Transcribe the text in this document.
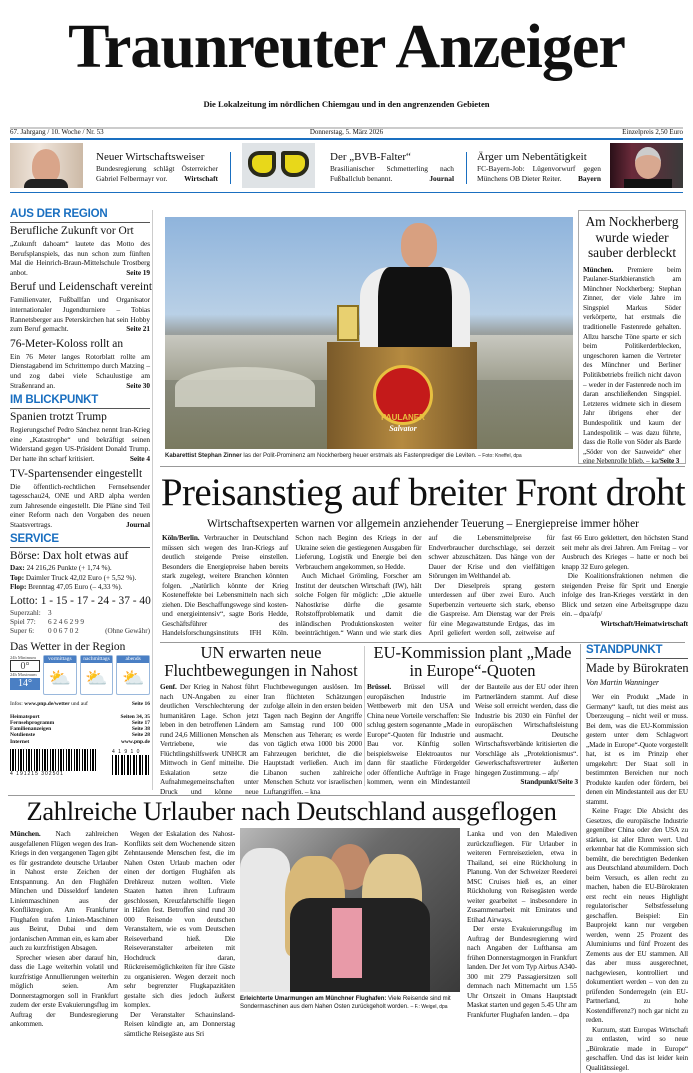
Traunreuter Anzeiger
Die Lokalzeitung im nördlichen Chiemgau und in den angrenzenden Gebieten
67. Jahrgang / 10. Woche / Nr. 53	Donnerstag, 5. März 2026	Einzelpreis 2,50 Euro
Neuer Wirtschaftsweiser
Bundesregierung schlägt Österreicher Gabriel Felbermayr vor. Wirtschaft
Der „BVB-Falter“
Brasilianischer Schmetterling nach Fußballclub benannt.	Journal
Ärger um Nebentätigkeit
FC-Bayern-Job: Lügenvorwurf gegen Münchens OB Dieter Reiter. Bayern
AUS DER REGION
Berufliche Zukunft vor Ort
„Zukunft dahoam“ lautete das Motto des Berufsplanspiels, das nun schon zum fünften Mal die Heinrich-Braun-Mittelschule Trostberg anbot.	Seite 19
Beruf und Leidenschaft vereint
Familienvater, Fußballfan und Organisator internationaler Jugendturniere – Tobias Rannetsberger aus Peterskirchen hat sein Hobby zum Beruf gemacht.	Seite 21
76-Meter-Koloss rollt an
Ein 76 Meter langes Rotorblatt rollte am Dienstagabend im Schrittempo durch Matzing – und zog dabei viele Schaulustige am Straßenrand an.	Seite 30
IM BLICKPUNKT
Spanien trotzt Trump
Regierungschef Pedro Sánchez nennt Iran-Krieg eine „Katastrophe“ und bekräftigt seinen Widerstand gegen US-Präsident Donald Trump. Der hatte ihn scharf kritisiert.	Seite 4
TV-Spartensender eingestellt
Die öffentlich-rechtlichen Fernsehsender tagesschau24, ONE und ARD alpha werden zum Jahresende eingestellt. Die Pläne sind Teil einer Reform nach den Vorgaben des neuen Staatsvertrags.	Journal
SERVICE
Börse: Dax holt etwas auf
Dax: 24 216,26 Punkte (+ 1,74 %).
Top: Daimler Truck 42,02 Euro (+ 5,52 %).
Flop: Brenntag 47,05 Euro (– 4,33 %).
Lotto: 1 - 15 - 17 - 24 - 37 - 40
Superzahl: 3
Spiel 77: 6 2 4 6 2 9 9
Super 6: 0 0 6 7 0 2	(Ohne Gewähr)
Das Wetter in der Region
24h Minimum
0°
24h Maximum
14°
vormittags
⛅
nachmittags
⛅
abends
⛅
Infos: www.pnp.de/wetter und auf	Seite 16
Heimatsport	Seiten 34, 35
Fernsehprogramm	Seite 17
Familienanzeigen	Seite 38
Notdienste	Seite 28
Internet	www.pnp.de
4 191215 302501
4 1 9 1 0
PAULANER
Salvator
Kabarettist Stephan Zinner las der Polit-Prominenz am Nockherberg heuer erstmals als Fastenprediger die Leviten. – Foto: Kneffel, dpa
Am Nockherberg wurde wieder sauber derbleckt
München. Premiere beim Paulaner-Starkbieranstich am Münchner Nockherberg: Stephan Zinner, der viele Jahre im Singspiel Markus Söder verkörperte, hat erstmals die traditionelle Fastenrede gehalten. Allzu harsche Töne sparte er sich beim Politikerderblecken, ungeschoren kamen die Vertreter des Münchner und Berliner Politikbetriebs freilich nicht davon – weder in der Fastenrede noch im daran anschließenden Singspiel. Letzteres widmete sich in diesem Jahr übrigens eher der Bundespolitik und kaum der Landespolitik – was dazu führte, dass die Rolle von Söder als Barde „Söder von der Sauweide“ eher eine Nebenrolle blieb. – ka/Seite 3
Preisanstieg auf breiter Front droht
Wirtschaftsexperten warnen vor allgemein anziehender Teuerung – Energiepreise immer höher

Köln/Berlin. Verbraucher in Deutschland müssen sich wegen des Iran-Kriegs auf deutlich steigende Preise einstellen. Besonders die Energiepreise haben bereits stark zugelegt, weitere Branchen könnten folgen. „Natürlich könnte der Krieg Kosteneffekte bei Lebensmitteln nach sich ziehen. Die Beschaffungswege sind kosten- und energieintensiv“, sagte Boris Hedde, Geschäftsführer des Handelsforschungsinstituts IFH Köln. Schon nach Beginn des Kriegs in der Ukraine seien die gestiegenen Ausgaben für Lieferung, Logistik und Energie bei den Verbrauchern angekommen, so Hedde.

Auch Michael Grömling, Forscher am Institut der deutschen Wirtschaft (IW), hält solche Folgen für möglich: „Die aktuelle Nahostkrise dürfte die gesamte Rohstoffproblematik und damit die inländischen Produktionskosten weiter beeinträchtigen.“ Wann und wie stark dies auf die Lebensmittelpreise für Endverbraucher durchschlage, sei derzeit schwer abzuschätzen. Das hänge von der Dauer der Krise und den vielfältigen Störungen im Welthandel ab.

Der Dieselpreis sprang gestern unterdessen auf über zwei Euro. Auch Superbenzin verteuerte sich stark, ebenso die Gaspreise. Am Dienstag war der Preis für eine Megawattstunde Erdgas, das im April geliefert werden soll, zeitweise auf fast 66 Euro geklettert, den höchsten Stand seit mehr als drei Jahren. Am Freitag – vor Ausbruch des Krieges – hatte er noch bei knapp 32 Euro gelegen.

Die Koalitionsfraktionen nehmen die steigenden Preise für Sprit und Energie infolge des Iran-Krieges verstärkt in den Blick und setzen eine Arbeitsgruppe dazu ein. – dpa/afp/

Wirtschaft/Heimatwirtschaft

UN erwarten neue Fluchtbewegungen in Nahost
Genf. Der Krieg in Nahost führt nach UN-Angaben zu einer deutlichen Verschlechterung der humanitären Lage. Schon jetzt leben in den betroffenen Ländern rund 24,6 Millionen Menschen als Vertriebene, wie das Flüchtlingshilfswerk UNHCR am Mittwoch in Genf mitteilte. Die Eskalation setze die Aufnahmegemeinschaften unter Druck und könne neue Fluchtbewegungen auslösen. Im Iran flüchteten Schätzungen zufolge allein in den ersten beiden Tagen nach Beginn der Angriffe am Samstag rund 100 000 Menschen aus Teheran; es werde von täglich etwa 1000 bis 2000 Fahrzeugen berichtet, die die Hauptstadt verließen. Auch im Libanon suchen zahlreiche Menschen Schutz vor israelischen Luftangriffen. – kna
EU-Kommission plant „Made in Europe“-Quoten
Brüssel. Brüssel will der europäischen Industrie im Wettbewerb mit den USA und China neue Vorteile verschaffen: Sie schlug gestern sogenannte „Made in Europe“-Quoten für Industrie und Bau vor. Künftig sollen beispielsweise Elektroautos nur dann für staatliche Fördergelder oder öffentliche Aufträge in Frage kommen, wenn ein Mindestanteil der Bauteile aus der EU oder ihren Partnerländern stammt. Auf diese Weise soll erreicht werden, dass die Industrie bis 2030 ein Fünftel der europäischen Wirtschaftsleistung ausmacht. Deutsche Wirtschaftsverbände kritisierten die Vorschläge als „Protektionismus“. Gewerkschaftsvertreter äußerten hingegen Zustimmung. – afp/
Standpunkt/Seite 3
STANDPUNKT
Made by Bürokraten
Von Martin Wanninger

Wer ein Produkt „Made in Germany“ kauft, tut dies meist aus Überzeugung – nicht weil er muss. Bei dem, was die EU-Kommission gestern unter dem Schlagwort „Made in Europe“-Quote vorgestellt hat, ist es im Prinzip eher umgekehrt: Der Staat soll in bestimmten Bereichen nur noch Produkte kaufen oder fördern, bei denen ein Mindestanteil aus der EU stammt.

Keine Frage: Die Absicht des Gesetzes, die europäische Industrie gegenüber China oder den USA zu stärken, ist aller Ehren wert. Und erkennbar hat die Kommission sich bemüht, die berechtigten Bedenken aus Deutschland abzumildern. Doch beim Versuch, es allen recht zu machen, haben die EU-Bürokraten erst recht ein neues Highlight regulatorischer Selbstfesselung geschaffen. Beispiel: Ein Bauprojekt kann nur vergeben werden, wenn 25 Prozent des Aluminiums und fünf Prozent des Zements aus der EU stammen. All das aber muss ausgerechnet, nachgewiesen, kontrolliert und dokumentiert werden – von den zu prüfenden Sonderregeln (ein EU-Partnerland, zu hohe Kostendifferenz?) noch gar nicht zu reden.

Kurzum, statt Europas Wirtschaft zu entlasten, wird so neue „Bürokratie made in Europe“ geschaffen. Und das ist leider kein Qualitätssiegel.

Zahlreiche Urlauber nach Deutschland ausgeflogen

München. Nach zahlreichen ausgefallenen Flügen wegen des Iran-Kriegs in den vergangenen Tagen gibt es für gestrandete deutsche Urlauber in Nahost erste Zeichen der Entspannung. An den Flughäfen München und Düsseldorf landeten Linienmaschinen aus der Konfliktregion. Am Frankfurter Flughafen trafen Linien-Maschinen aus Beirut, Dubai und dem jordanischen Amman ein, es kam aber auch zu kurzfristigen Absagen.

Sprecher wiesen aber darauf hin, dass die Lage weiterhin volatil und kurzfristige Annullierungen weiterhin möglich seien. Am Donnerstagmorgen soll in Frankfurt zudem der erste Evakuierungsflug im Auftrag der Bundesregierung ankommen.

Wegen der Eskalation des Nahost-Konflikts seit dem Wochenende sitzen Zehntausende Menschen fest, die im Nahen Osten Urlaub machen oder einen der dortigen Flughäfen als Drehkreuz nutzen wollten. Viele Staaten hatten ihren Luftraum geschlossen, Kreuzfahrtschiffe liegen in Häfen fest. Betroffen sind rund 30 000 Reisende von deutschen Veranstaltern, wie es vom Deutschen Reiseverband hieß. Die Reiseveranstalter arbeiteten mit Hochdruck daran, Rückreisemöglichkeiten für ihre Gäste zu organisieren. Wegen derzeit noch sehr begrenzter Flugkapazitäten gestalte sich dies jedoch äußerst komplex.

Der Veranstalter Schauinsland-Reisen kündigte an, am Donnerstag sämtliche Reisegäste aus Sri

Erleichterte Umarmungen am Münchner Flughafen: Viele Reisende sind mit Sondermaschinen aus dem Nahen Osten zurückgeholt worden. – F.: Weigel, dpa

Lanka und von den Malediven zurückzufliegen. Für Urlauber in weiteren Fernreisezielen, etwa in Thailand, sei eine Rückholung in Planung. Von der Schweizer Reederei MSC Cruises hieß es, an einer Rückholung von Reisegästen werde weiter gearbeitet – insbesondere in Zusammenarbeit mit Emirates und Etihad Airways.

Der erste Evakuierungsflug im Auftrag der Bundesregierung wird nach Angaben der Lufthansa am frühen Donnerstagmorgen in Frankfurt landen. Der Jet vom Typ Airbus A340-300 mit 279 Passagiersitzen soll demnach nach Mitternacht um 1.55 Uhr Ortszeit in Omans Hauptstadt Maskat starten und gegen 5.45 Uhr am Frankfurter Flughafen landen. – dpa
